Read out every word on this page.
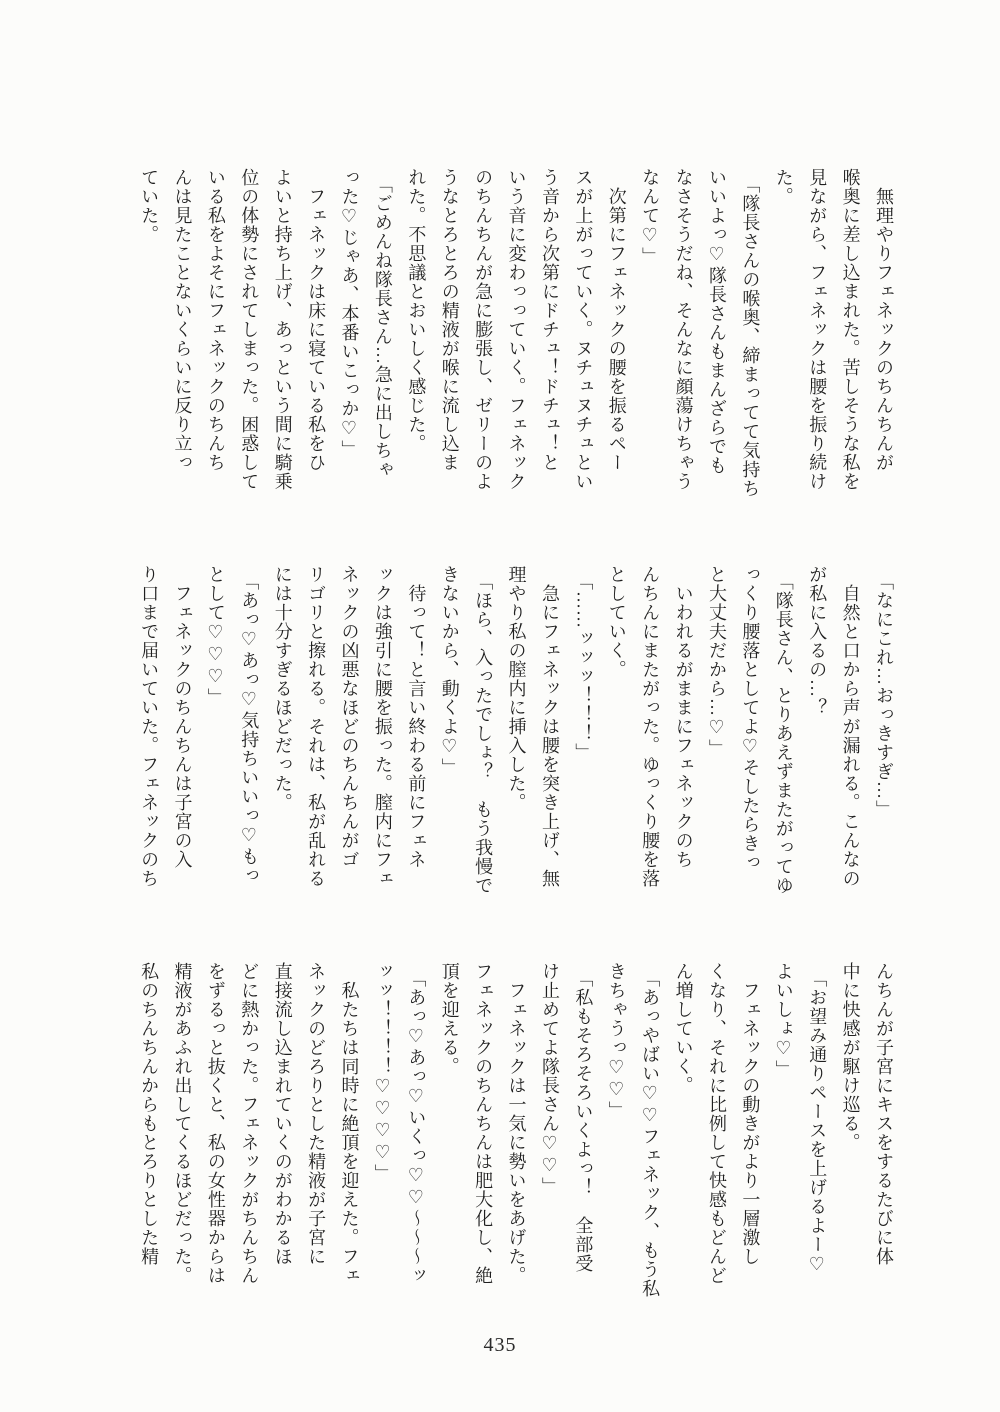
無理やりフェネックのちんちんが
喉奥に差し込まれた。苦しそうな私を
見ながら、フェネックは腰を振り続け
た。
「隊長さんの喉奥、締まってて気持ち
いいよっ♡隊長さんもまんざらでも
なさそうだね、そんなに顔蕩けちゃう
なんて♡」
次第にフェネックの腰を振るペー
スが上がっていく。ヌチュヌチュとい
う音から次第にドチュ！ドチュ！と
いう音に変わっっていく。フェネック
のちんちんが急に膨張し、ゼリーのよ
うなとろとろの精液が喉に流し込ま
れた。不思議とおいしく感じた。
「ごめんね隊長さん…急に出しちゃ
った♡じゃあ、本番いこっか♡」
フェネックは床に寝ている私をひ
よいと持ち上げ、あっという間に騎乗
位の体勢にされてしまった。困惑して
いる私をよそにフェネックのちんち
んは見たことないくらいに反り立っ
ていた。
「なにこれ…おっきすぎ…」
自然と口から声が漏れる。こんなの
が私に入るの…？
「隊長さん、とりあえずまたがってゆ
っくり腰落としてよ♡そしたらきっ
と大丈夫だから…♡」
いわれるがままにフェネックのち
んちんにまたがった。ゆっくり腰を落
としていく。
「……ッッッ！！！」
急にフェネックは腰を突き上げ、無
理やり私の膣内に挿入した。
「ほら、入ったでしょ？　もう我慢で
きないから、動くよ♡」
待って！と言い終わる前にフェネ
ックは強引に腰を振った。膣内にフェ
ネックの凶悪なほどのちんちんがゴ
リゴリと擦れる。それは、私が乱れる
には十分すぎるほどだった。
「あっ♡あっ♡気持ちいいっ♡もっ
として♡♡♡」
フェネックのちんちんは子宮の入
り口まで届いていた。フェネックのち
んちんが子宮にキスをするたびに体
中に快感が駆け巡る。
「お望み通りペースを上げるよー♡
よいしょ♡」
フェネックの動きがより一層激し
くなり、それに比例して快感もどんど
ん増していく。
「あっやばい♡♡フェネック、もう私
きちゃうっ♡♡」
「私もそろそろいくよっ！　全部受
け止めてよ隊長さん♡♡」
フェネックは一気に勢いをあげた。
フェネックのちんちんは肥大化し、絶
頂を迎える。
「あっ♡あっ♡いくっ♡♡～～～ッ
ッッ！！！！♡♡♡♡」
私たちは同時に絶頂を迎えた。フェ
ネックのどろりとした精液が子宮に
直接流し込まれていくのがわかるほ
どに熱かった。フェネックがちんちん
をずるっと抜くと、私の女性器からは
精液があふれ出してくるほどだった。
私のちんちんからもとろりとした精
435
